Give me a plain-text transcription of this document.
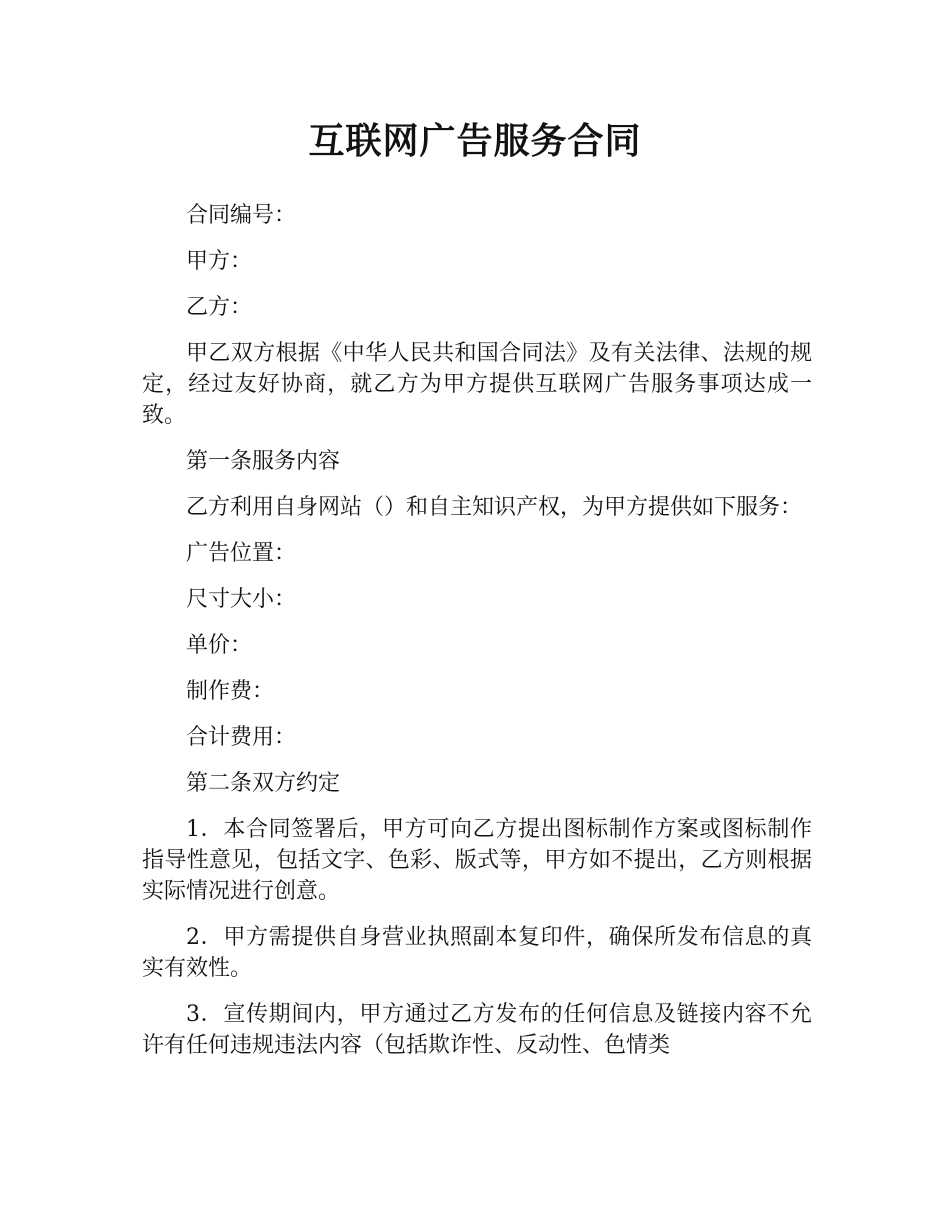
互联网广告服务合同

合同编号：

甲方：

乙方：

甲乙双方根据《中华人民共和国合同法》及有关法律、法规的规定，经过友好协商，就乙方为甲方提供互联网广告服务事项达成一致。

第一条服务内容

乙方利用自身网站（）和自主知识产权，为甲方提供如下服务：

广告位置：

尺寸大小：

单价：

制作费：

合计费用：

第二条双方约定

1．本合同签署后，甲方可向乙方提出图标制作方案或图标制作指导性意见，包括文字、色彩、版式等，甲方如不提出，乙方则根据实际情况进行创意。

2．甲方需提供自身营业执照副本复印件，确保所发布信息的真实有效性。

3．宣传期间内，甲方通过乙方发布的任何信息及链接内容不允许有任何违规违法内容（包括欺诈性、反动性、色情类
